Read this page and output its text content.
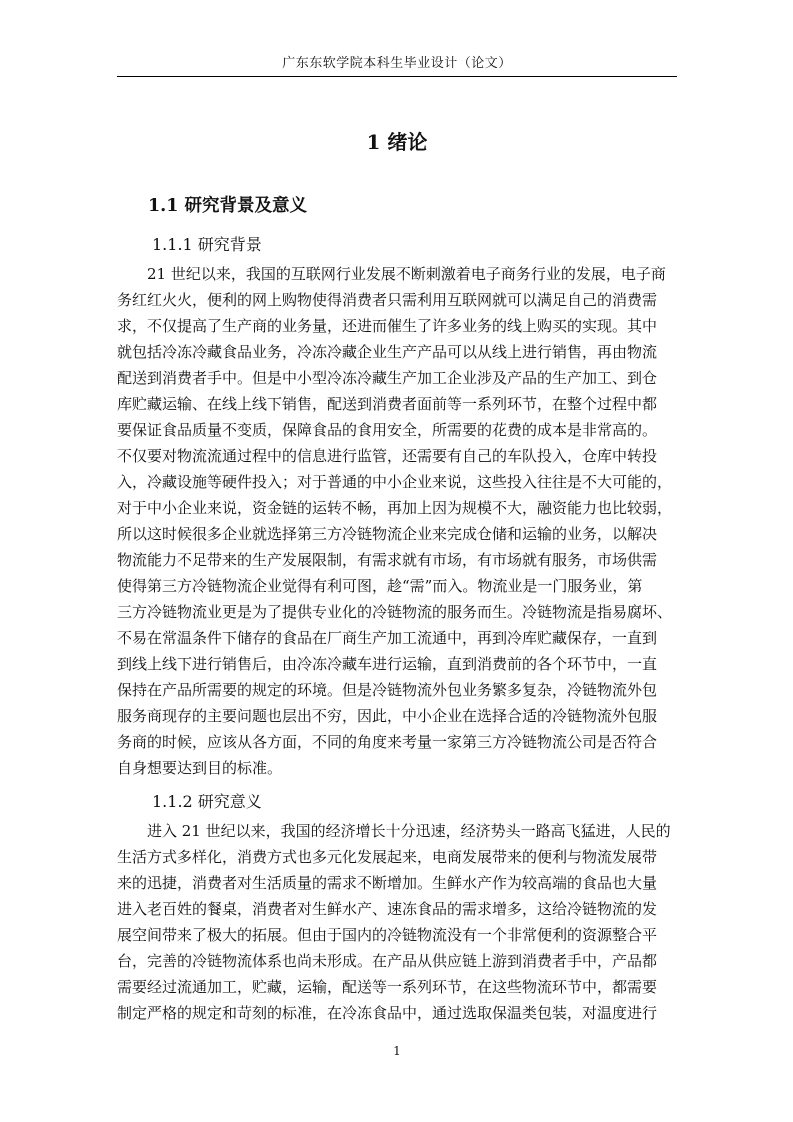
广东东软学院本科生毕业设计（论文）
1 绪论
1.1 研究背景及意义
1.1.1 研究背景
21 世纪以来，我国的互联网行业发展不断刺激着电子商务行业的发展，电子商
务红红火火，便利的网上购物使得消费者只需利用互联网就可以满足自己的消费需
求，不仅提高了生产商的业务量，还进而催生了许多业务的线上购买的实现。其中
就包括冷冻冷藏食品业务，冷冻冷藏企业生产产品可以从线上进行销售，再由物流
配送到消费者手中。但是中小型冷冻冷藏生产加工企业涉及产品的生产加工、到仓
库贮藏运输、在线上线下销售，配送到消费者面前等一系列环节，在整个过程中都
要保证食品质量不变质，保障食品的食用安全，所需要的花费的成本是非常高的。
不仅要对物流流通过程中的信息进行监管，还需要有自己的车队投入，仓库中转投
入，冷藏设施等硬件投入；对于普通的中小企业来说，这些投入往往是不大可能的，
对于中小企业来说，资金链的运转不畅，再加上因为规模不大，融资能力也比较弱，
所以这时候很多企业就选择第三方冷链物流企业来完成仓储和运输的业务，以解决
物流能力不足带来的生产发展限制，有需求就有市场，有市场就有服务，市场供需
使得第三方冷链物流企业觉得有利可图，趁“需”而入。物流业是一门服务业，第
三方冷链物流业更是为了提供专业化的冷链物流的服务而生。冷链物流是指易腐坏、
不易在常温条件下储存的食品在厂商生产加工流通中，再到冷库贮藏保存，一直到
到线上线下进行销售后，由冷冻冷藏车进行运输，直到消费前的各个环节中，一直
保持在产品所需要的规定的环境。但是冷链物流外包业务繁多复杂，冷链物流外包
服务商现存的主要问题也层出不穷，因此，中小企业在选择合适的冷链物流外包服
务商的时候，应该从各方面，不同的角度来考量一家第三方冷链物流公司是否符合
自身想要达到目的标准。
1.1.2 研究意义
进入 21 世纪以来，我国的经济增长十分迅速，经济势头一路高飞猛进，人民的
生活方式多样化，消费方式也多元化发展起来，电商发展带来的便利与物流发展带
来的迅捷，消费者对生活质量的需求不断增加。生鲜水产作为较高端的食品也大量
进入老百姓的餐桌，消费者对生鲜水产、速冻食品的需求增多，这给冷链物流的发
展空间带来了极大的拓展。但由于国内的冷链物流没有一个非常便利的资源整合平
台，完善的冷链物流体系也尚未形成。在产品从供应链上游到消费者手中，产品都
需要经过流通加工，贮藏，运输，配送等一系列环节，在这些物流环节中，都需要
制定严格的规定和苛刻的标准，在冷冻食品中，通过选取保温类包装，对温度进行
1
